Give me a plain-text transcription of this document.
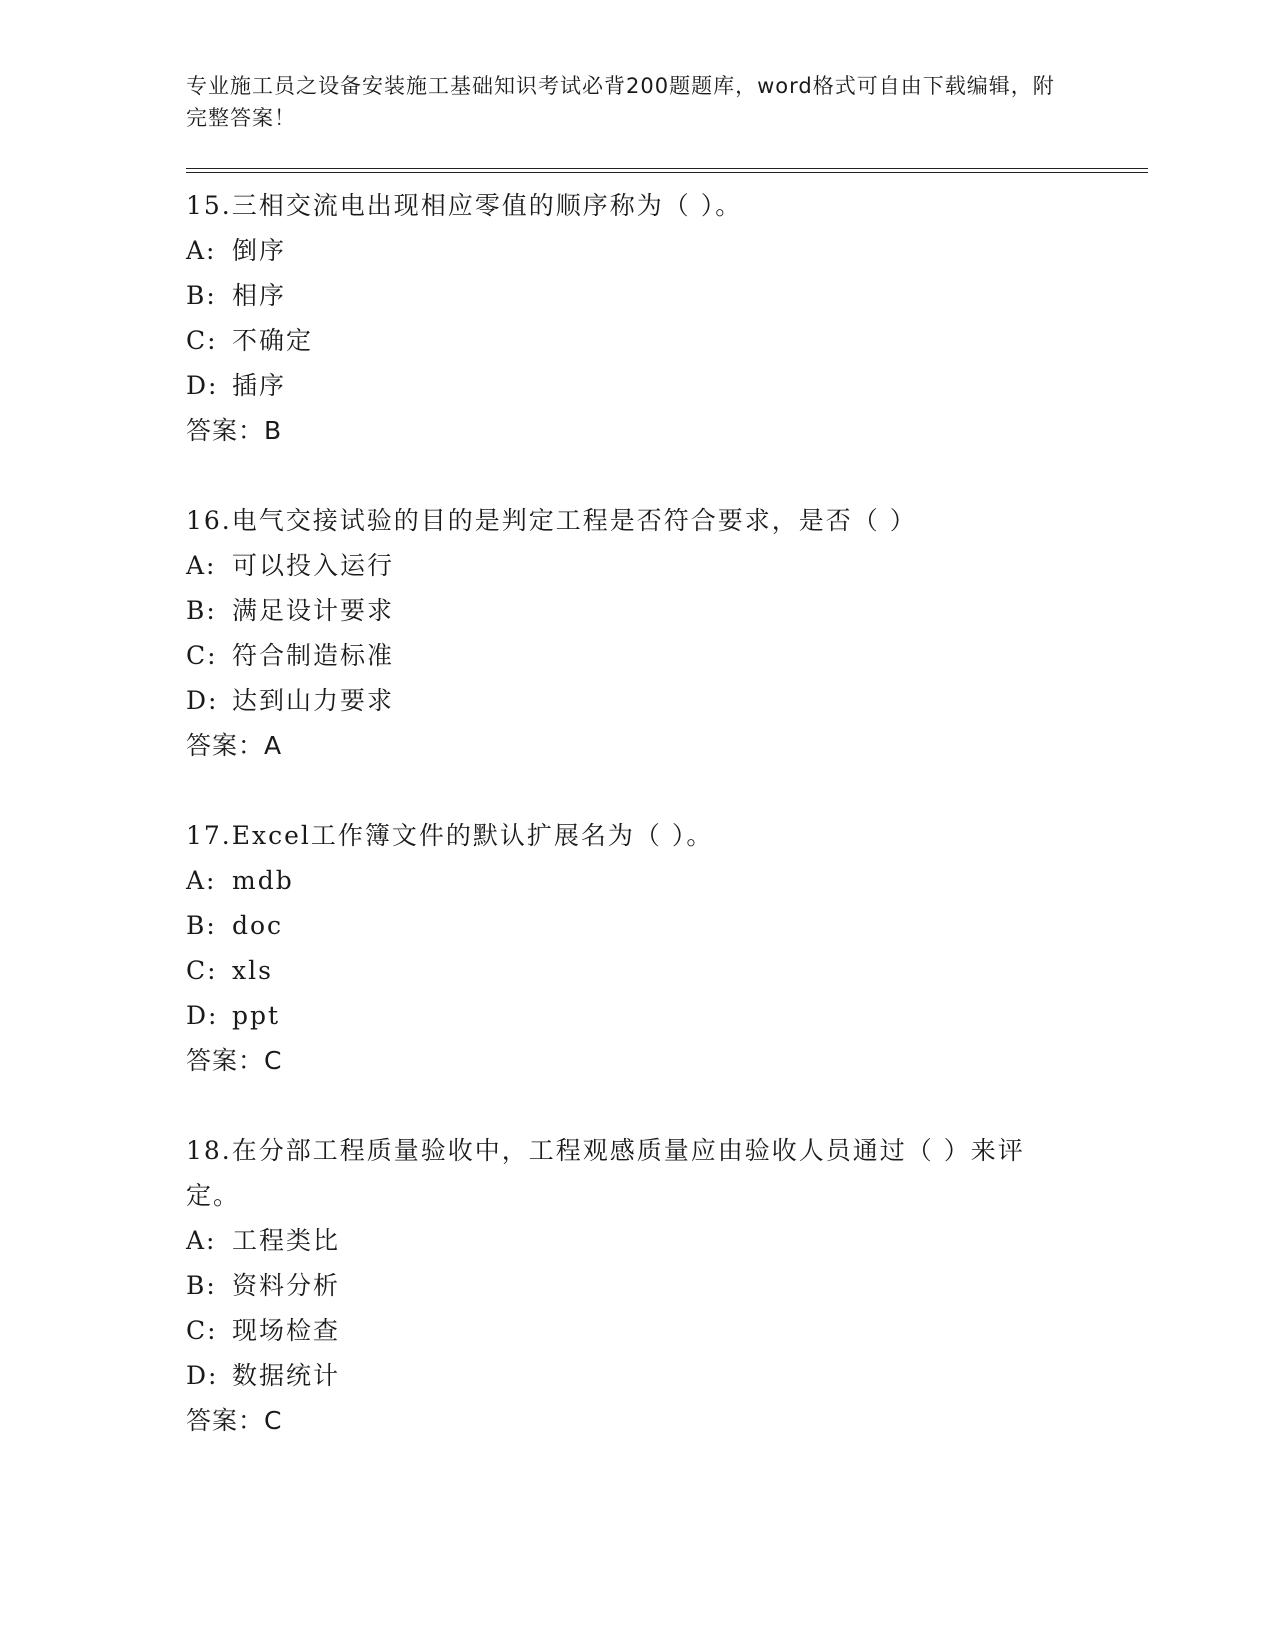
专业施工员之设备安装施工基础知识考试必背200题题库，word格式可自由下载编辑，附完整答案！

15.三相交流电出现相应零值的顺序称为（ ）。

A: 倒序
B: 相序
C: 不确定
D: 插序
答案：B

16.电气交接试验的目的是判定工程是否符合要求，是否（ ）

A: 可以投入运行
B: 满足设计要求
C: 符合制造标准
D: 达到山力要求
答案：A

17.Excel工作簿文件的默认扩展名为（ ）。

A: mdb
B: doc
C: xls
D: ppt
答案：C

18.在分部工程质量验收中，工程观感质量应由验收人员通过（ ）来评定。

A: 工程类比
B: 资料分析
C: 现场检查
D: 数据统计
答案：C
